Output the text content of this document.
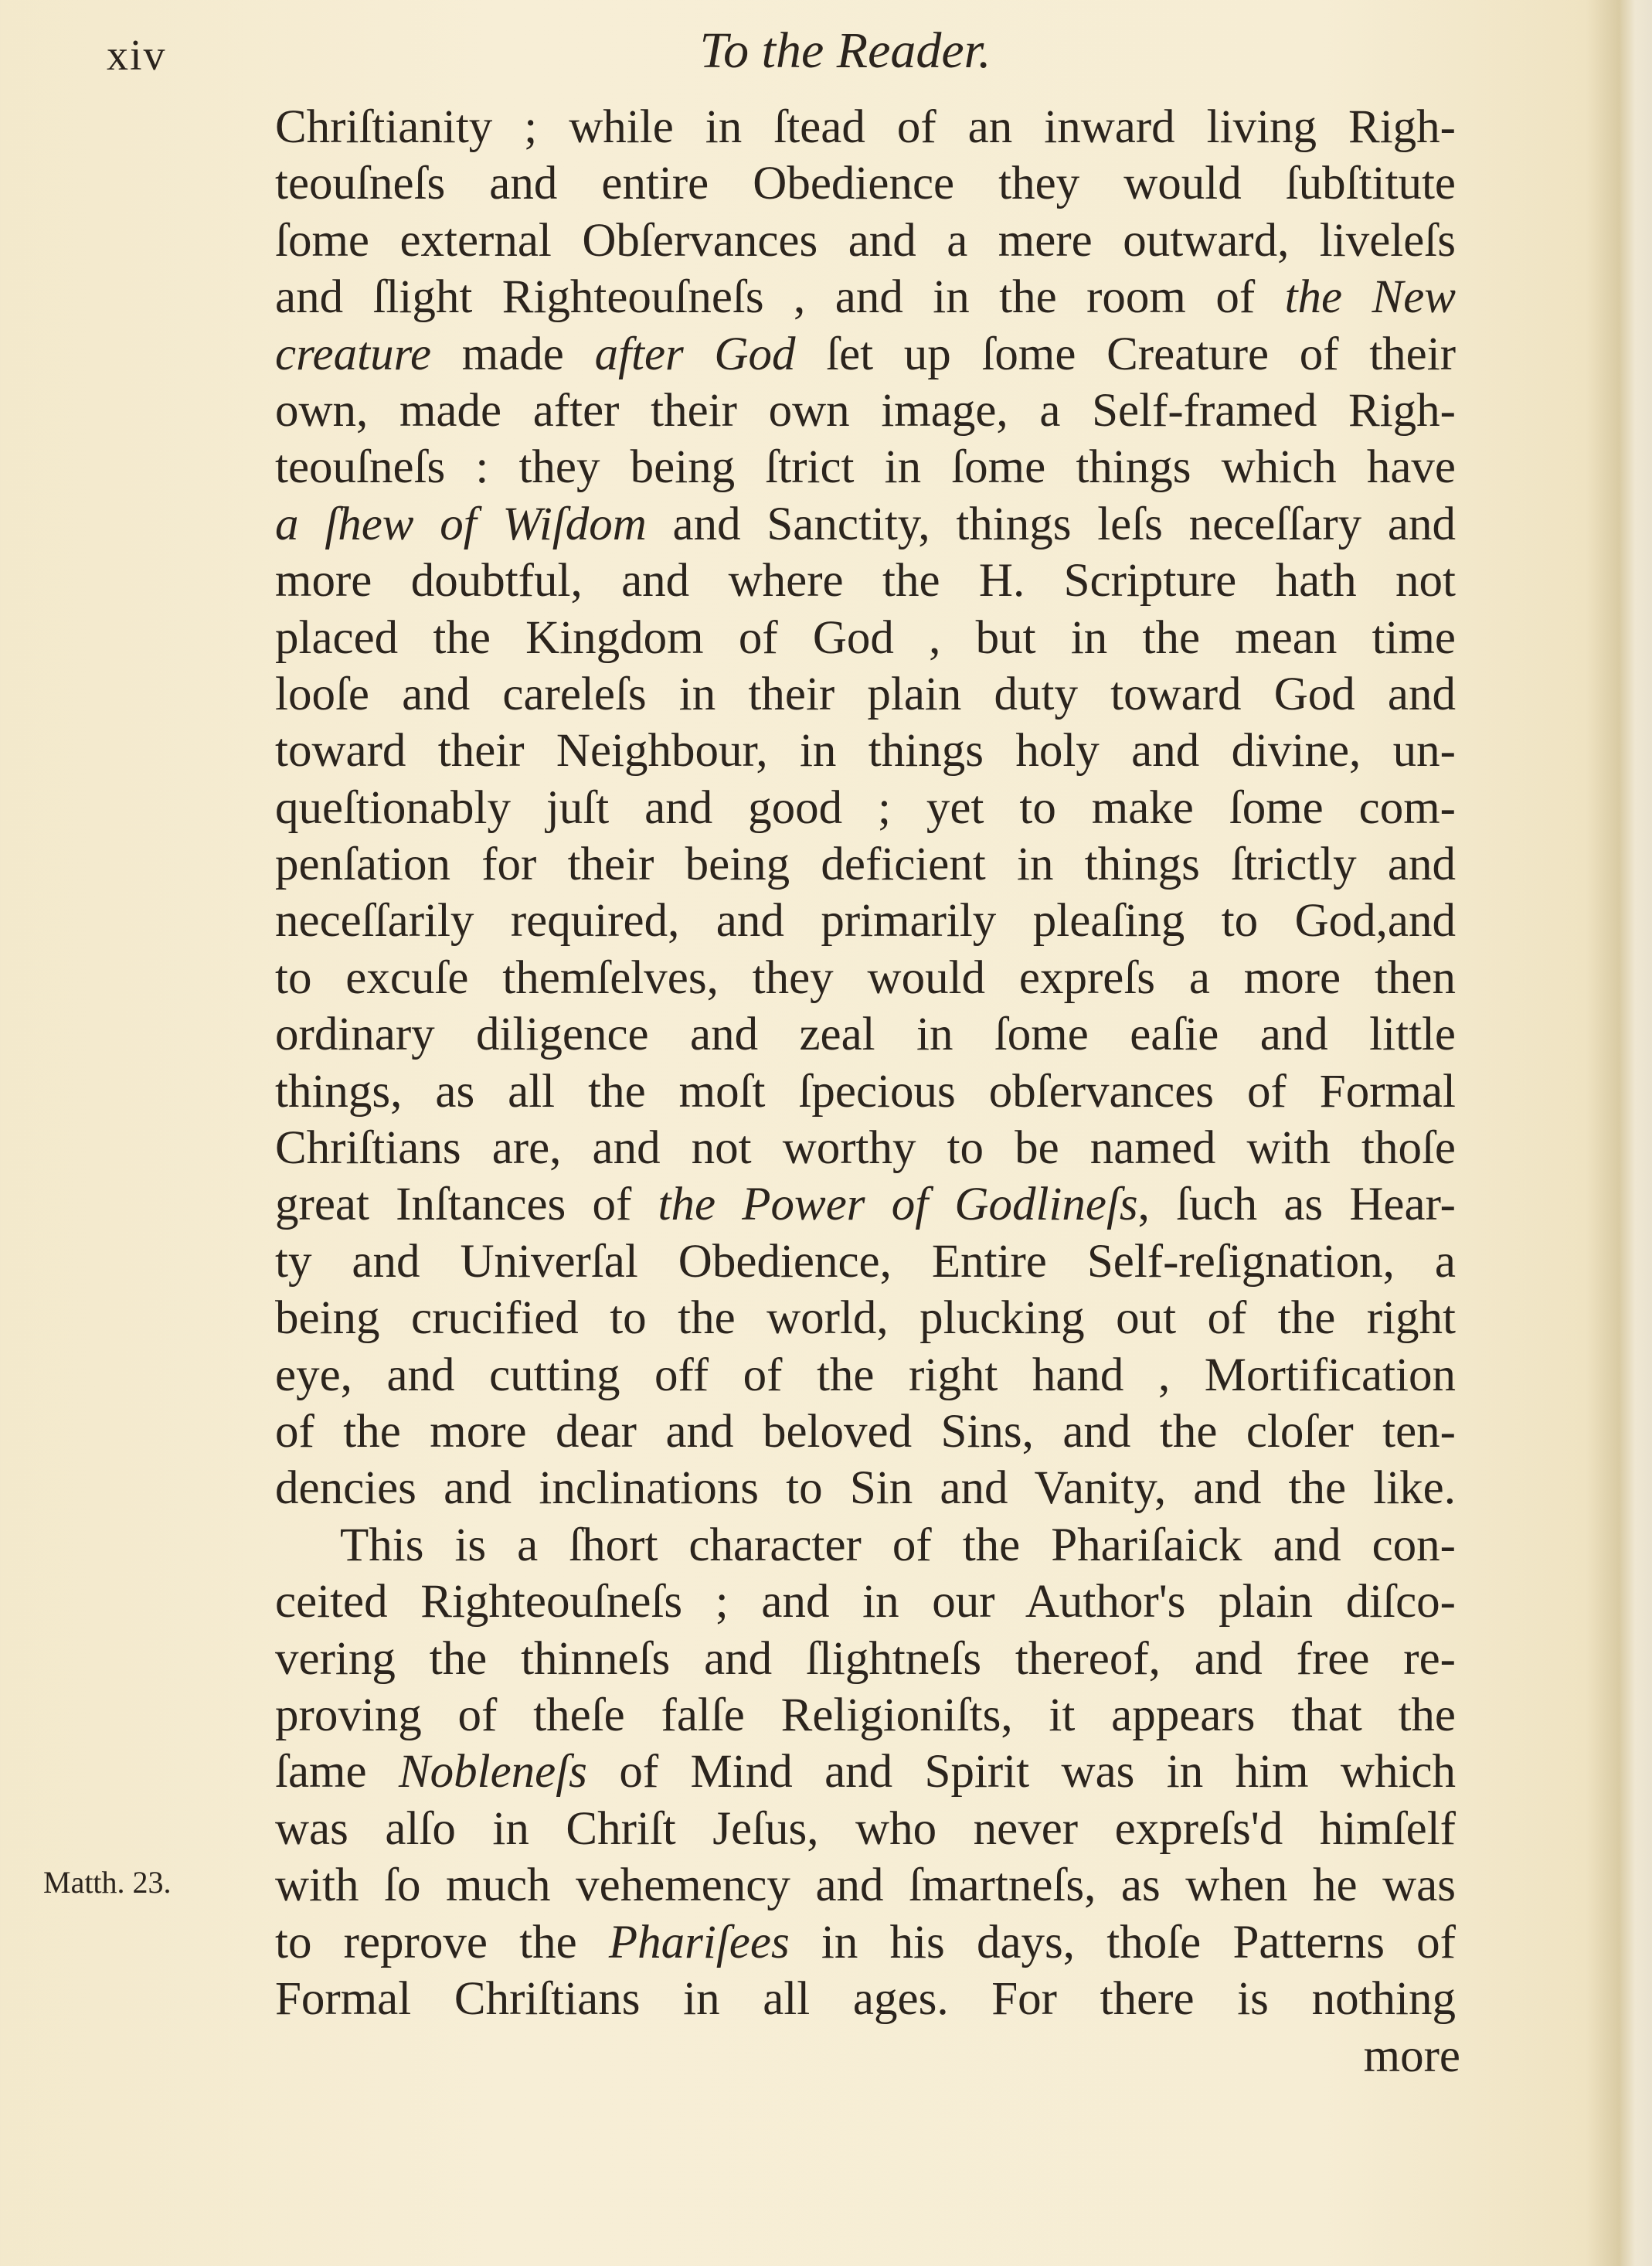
xiv	To the Reader.
Chriſtianity ; while in ſtead of an inward living Righ-
teouſneſs and entire Obedience they would ſubſtitute
ſome external Obſervances and a mere outward, liveleſs
and ſlight Righteouſneſs , and in the room of the New
creature made after God ſet up ſome Creature of their
own, made after their own image, a Self-framed Righ-
teouſneſs : they being ſtrict in ſome things which have
a ſhew of Wiſdom and Sanctity, things leſs neceſſary and
more doubtful, and where the H. Scripture hath not
placed the Kingdom of God , but in the mean time
looſe and careleſs in their plain duty toward God and
toward their Neighbour, in things holy and divine, un-
queſtionably juſt and good ; yet to make ſome com-
penſation for their being deficient in things ſtrictly and
neceſſarily required, and primarily pleaſing to God,and
to excuſe themſelves, they would expreſs a more then
ordinary diligence and zeal in ſome eaſie and little
things, as all the moſt ſpecious obſervances of Formal
Chriſtians are, and not worthy to be named with thoſe
great Inſtances of the Power of Godlineſs, ſuch as Hear-
ty and Univerſal Obedience, Entire Self-reſignation, a
being crucified to the world, plucking out of the right
eye, and cutting off of the right hand , Mortification
of the more dear and beloved Sins, and the cloſer ten-
dencies and inclinations to Sin and Vanity, and the like.
This is a ſhort character of the Phariſaick and con-
ceited Righteouſneſs ; and in our Author's plain diſco-
vering the thinneſs and ſlightneſs thereof, and free re-
proving of theſe falſe Religioniſts, it appears that the
ſame Nobleneſs of Mind and Spirit was in him which
was alſo in Chriſt Jeſus, who never expreſs'd himſelf
with ſo much vehemency and ſmartneſs, as when he was
to reprove the Phariſees in his days, thoſe Patterns of
Formal Chriſtians in all ages. For there is nothing
Matth. 23.
more
